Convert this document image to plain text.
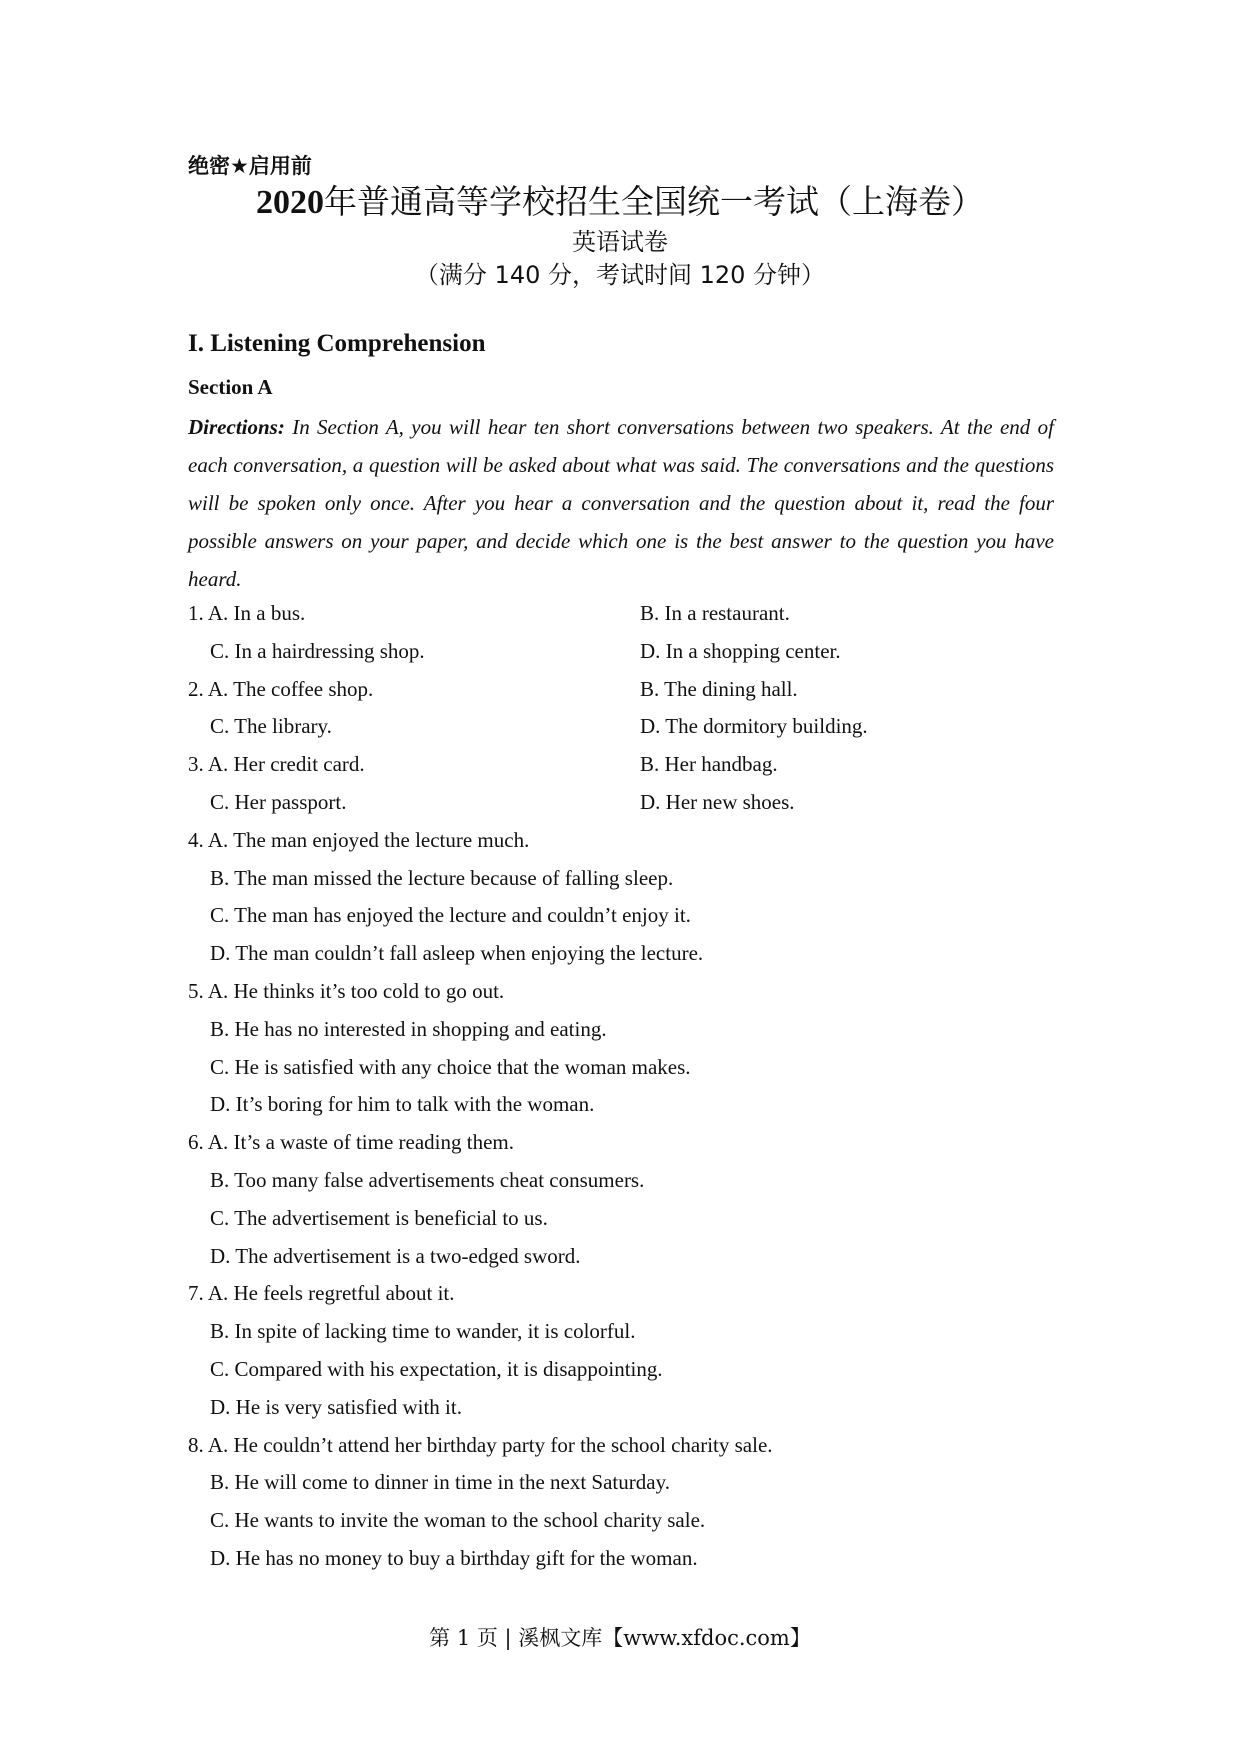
绝密★启用前
2020年普通高等学校招生全国统一考试（上海卷）
英语试卷
（满分 140 分，考试时间 120 分钟）
I. Listening Comprehension
Section A
Directions: In Section A, you will hear ten short conversations between two speakers. At the end of each conversation, a question will be asked about what was said. The conversations and the questions will be spoken only once. After you hear a conversation and the question about it, read the four possible answers on your paper, and decide which one is the best answer to the question you have heard.
1. A. In a bus.	B. In a restaurant.
C. In a hairdressing shop.	D. In a shopping center.
2. A. The coffee shop.	B. The dining hall.
C. The library.	D. The dormitory building.
3. A. Her credit card.	B. Her handbag.
C. Her passport.	D. Her new shoes.
4. A. The man enjoyed the lecture much.
B. The man missed the lecture because of falling sleep.
C. The man has enjoyed the lecture and couldn’t enjoy it.
D. The man couldn’t fall asleep when enjoying the lecture.
5. A. He thinks it’s too cold to go out.
B. He has no interested in shopping and eating.
C. He is satisfied with any choice that the woman makes.
D. It’s boring for him to talk with the woman.
6. A. It’s a waste of time reading them.
B. Too many false advertisements cheat consumers.
C. The advertisement is beneficial to us.
D. The advertisement is a two-edged sword.
7. A. He feels regretful about it.
B. In spite of lacking time to wander, it is colorful.
C. Compared with his expectation, it is disappointing.
D. He is very satisfied with it.
8. A. He couldn’t attend her birthday party for the school charity sale.
B. He will come to dinner in time in the next Saturday.
C. He wants to invite the woman to the school charity sale.
D. He has no money to buy a birthday gift for the woman.
第 1 页 | 溪枫文库【www.xfdoc.com】
